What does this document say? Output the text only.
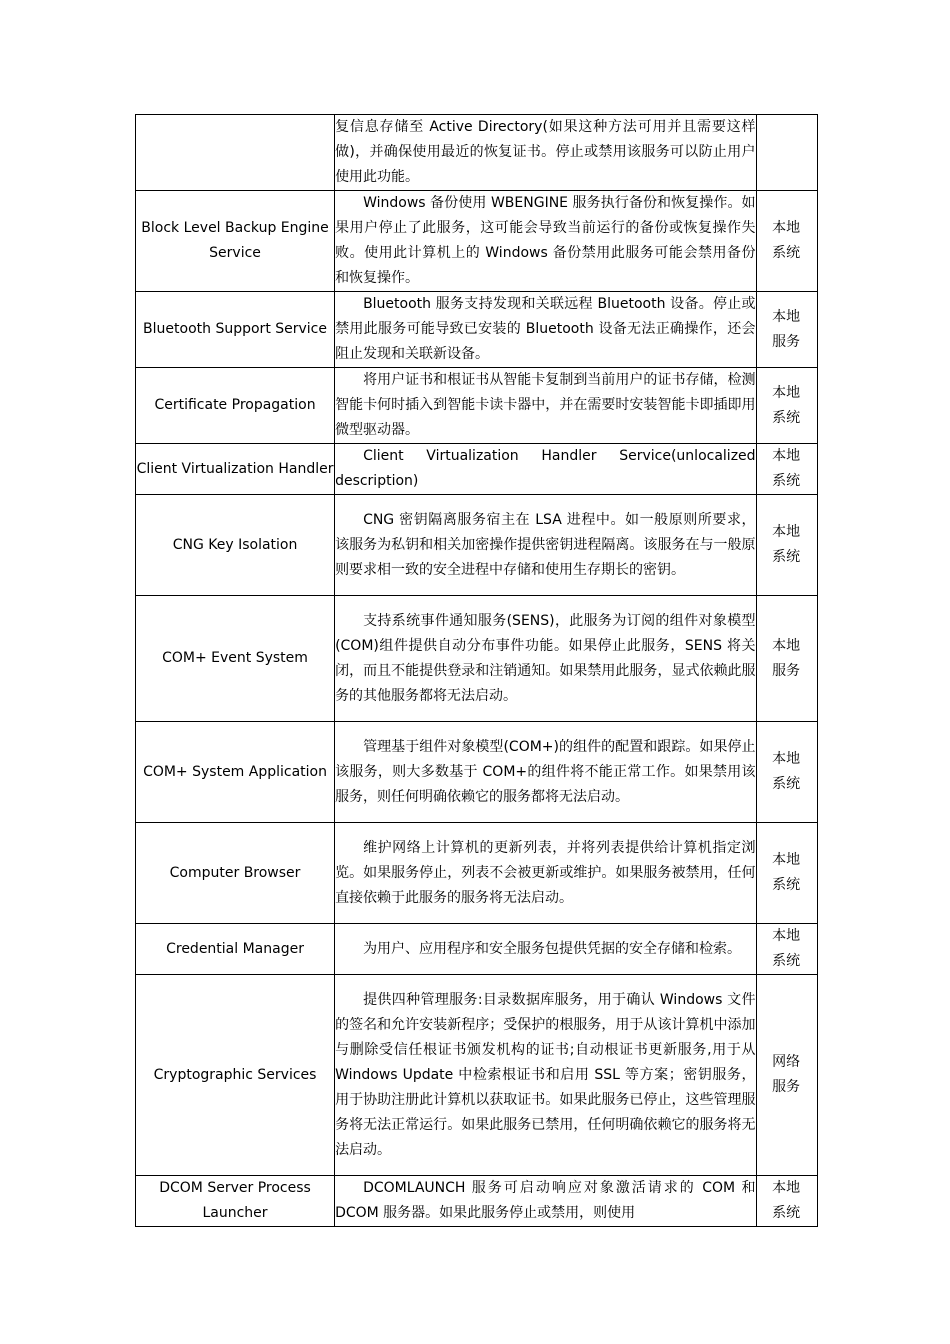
	复信息存储至 Active Directory(如果这种方法可用并且需要这样做)，并确保使用最近的恢复证书。停止或禁用该服务可以防止用户使用此功能。	

Block Level Backup Engine Service	Windows 备份使用 WBENGINE 服务执行备份和恢复操作。如果用户停止了此服务，这可能会导致当前运行的备份或恢复操作失败。使用此计算机上的 Windows 备份禁用此服务可能会禁用备份和恢复操作。	本地系统
Bluetooth Support Service	Bluetooth 服务支持发现和关联远程 Bluetooth 设备。停止或禁用此服务可能导致已安装的 Bluetooth 设备无法正确操作，还会阻止发现和关联新设备。	本地服务
Certificate Propagation	将用户证书和根证书从智能卡复制到当前用户的证书存储，检测智能卡何时插入到智能卡读卡器中，并在需要时安装智能卡即插即用微型驱动器。	本地系统
Client Virtualization Handler	Client Virtualization Handler Service(unlocalized description)	本地系统
CNG Key Isolation	CNG 密钥隔离服务宿主在 LSA 进程中。如一般原则所要求，该服务为私钥和相关加密操作提供密钥进程隔离。该服务在与一般原则要求相一致的安全进程中存储和使用生存期长的密钥。	本地系统
COM+ Event System	支持系统事件通知服务(SENS)，此服务为订阅的组件对象模型(COM)组件提供自动分布事件功能。如果停止此服务，SENS 将关闭，而且不能提供登录和注销通知。如果禁用此服务，显式依赖此服务的其他服务都将无法启动。	本地服务
COM+ System Application	管理基于组件对象模型(COM+)的组件的配置和跟踪。如果停止该服务，则大多数基于 COM+的组件将不能正常工作。如果禁用该服务，则任何明确依赖它的服务都将无法启动。	本地系统
Computer Browser	维护网络上计算机的更新列表，并将列表提供给计算机指定浏览。如果服务停止，列表不会被更新或维护。如果服务被禁用，任何直接依赖于此服务的服务将无法启动。	本地系统
Credential Manager	为用户、应用程序和安全服务包提供凭据的安全存储和检索。	本地系统
Cryptographic Services	提供四种管理服务:目录数据库服务，用于确认 Windows 文件的签名和允许安装新程序；受保护的根服务，用于从该计算机中添加与删除受信任根证书颁发机构的证书;自动根证书更新服务,用于从 Windows Update 中检索根证书和启用 SSL 等方案；密钥服务，用于协助注册此计算机以获取证书。如果此服务已停止，这些管理服务将无法正常运行。如果此服务已禁用，任何明确依赖它的服务将无法启动。	网络服务
DCOM Server Process Launcher	DCOMLAUNCH 服务可启动响应对象激活请求的 COM 和 DCOM 服务器。如果此服务停止或禁用，则使用	本地系统
